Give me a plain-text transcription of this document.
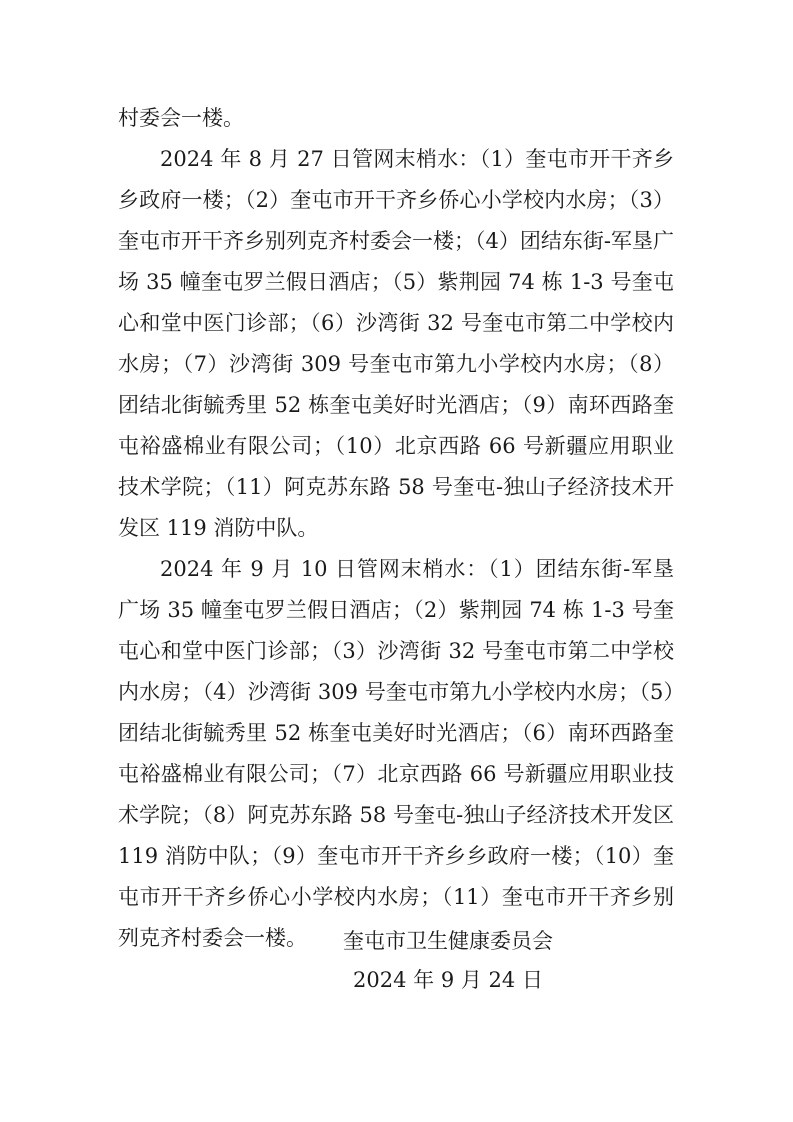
村委会一楼。

2024 年 8 月 27 日管网末梢水：（1）奎屯市开干齐乡乡政府一楼；（2）奎屯市开干齐乡侨心小学校内水房；（3）奎屯市开干齐乡别列克齐村委会一楼；（4）团结东街-军垦广场 35 幢奎屯罗兰假日酒店；（5）紫荆园 74 栋 1-3 号奎屯心和堂中医门诊部；（6）沙湾街 32 号奎屯市第二中学校内水房；（7）沙湾街 309 号奎屯市第九小学校内水房；（8）团结北街毓秀里 52 栋奎屯美好时光酒店；（9）南环西路奎屯裕盛棉业有限公司；（10）北京西路 66 号新疆应用职业技术学院；（11）阿克苏东路 58 号奎屯-独山子经济技术开发区 119 消防中队。

2024 年 9 月 10 日管网末梢水：（1）团结东街-军垦广场 35 幢奎屯罗兰假日酒店；（2）紫荆园 74 栋 1-3 号奎屯心和堂中医门诊部；（3）沙湾街 32 号奎屯市第二中学校内水房；（4）沙湾街 309 号奎屯市第九小学校内水房；（5）团结北街毓秀里 52 栋奎屯美好时光酒店；（6）南环西路奎屯裕盛棉业有限公司；（7）北京西路 66 号新疆应用职业技术学院；（8）阿克苏东路 58 号奎屯-独山子经济技术开发区 119 消防中队；（9）奎屯市开干齐乡乡政府一楼；（10）奎屯市开干齐乡侨心小学校内水房；（11）奎屯市开干齐乡别列克齐村委会一楼。	奎屯市卫生健康委员会
2024 年 9 月 24 日
